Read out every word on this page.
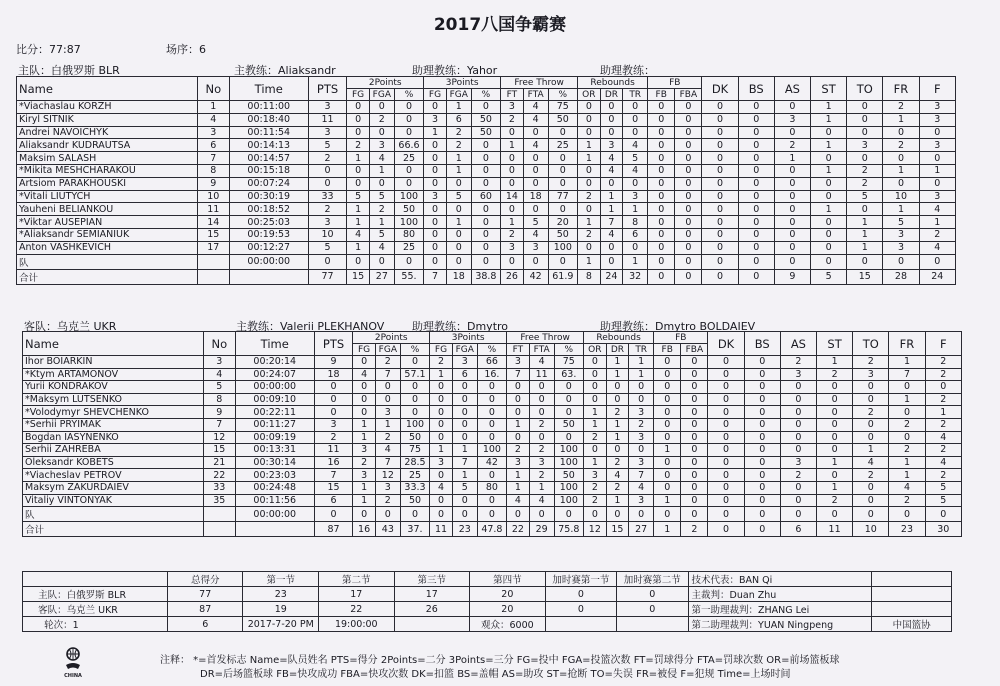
2017八国争霸赛
比分：77:87	场序：6
主队：白俄罗斯 BLR	主教练：Aliaksandr	助理教练：Yahor	助理教练：
Name	No	Time	PTS	2Points			3Points			Free Throw			Rebounds			FB		DK	BS	AS	ST	TO	FR	F
				FG	FGA	%	FG	FGA	%	FT	FTA	%	OR	DR	TR	FB	FBA							
*Viachaslau KORZH	1	00:11:00	3	0	0	0	0	1	0	3	4	75	0	0	0	0	0	0	0	0	1	0	2	3
Kiryl SITNIK	4	00:18:40	11	0	2	0	3	6	50	2	4	50	0	0	0	0	0	0	0	3	1	0	1	3
Andrei NAVOICHYK	3	00:11:54	3	0	0	0	1	2	50	0	0	0	0	0	0	0	0	0	0	0	0	0	0	0
Aliaksandr KUDRAUTSA	6	00:14:13	5	2	3	66.6	0	2	0	1	4	25	1	3	4	0	0	0	0	2	1	3	2	3
Maksim SALASH	7	00:14:57	2	1	4	25	0	1	0	0	0	0	1	4	5	0	0	0	0	1	0	0	0	0
*Mikita MESHCHARAKOU	8	00:15:18	0	0	1	0	0	1	0	0	0	0	0	4	4	0	0	0	0	0	1	2	1	1
Artsiom PARAKHOUSKI	9	00:07:24	0	0	0	0	0	0	0	0	0	0	0	0	0	0	0	0	0	0	0	2	0	0
*Vitali LIUTYCH	10	00:30:19	33	5	5	100	3	5	60	14	18	77	2	1	3	0	0	0	0	0	0	5	10	3
Yauheni BELIANKOU	11	00:18:52	2	1	2	50	0	0	0	0	0	0	0	1	1	0	0	0	0	0	1	0	1	4
*Viktar AUSEPIAN	14	00:25:03	3	1	1	100	0	1	0	1	5	20	1	7	8	0	0	0	0	0	0	1	5	1
*Aliaksandr SEMIANIUK	15	00:19:53	10	4	5	80	0	0	0	2	4	50	2	4	6	0	0	0	0	0	0	1	3	2
Anton VASHKEVICH	17	00:12:27	5	1	4	25	0	0	0	3	3	100	0	0	0	0	0	0	0	0	0	1	3	4
队		00:00:00	0	0	0	0	0	0	0	0	0	0	1	0	1	0	0	0	0	0	0	0	0	0
合计			77	15	27	55.	7	18	38.8	26	42	61.9	8	24	32	0	0	0	0	9	5	15	28	24
客队：乌克兰 UKR	主教练：Valerii PLEKHANOV	助理教练：Dmytro	助理教练：Dmytro BOLDAIEV
Name	No	Time	PTS	2Points			3Points			Free Throw			Rebounds			FB		DK	BS	AS	ST	TO	FR	F
				FG	FGA	%	FG	FGA	%	FT	FTA	%	OR	DR	TR	FB	FBA							
Ihor BOIARKIN	3	00:20:14	9	0	2	0	2	3	66	3	4	75	0	1	1	0	0	0	0	2	1	2	1	2
*Ktym ARTAMONOV	4	00:24:07	18	4	7	57.1	1	6	16.	7	11	63.	0	1	1	0	0	0	0	3	2	3	7	2
Yurii KONDRAKOV	5	00:00:00	0	0	0	0	0	0	0	0	0	0	0	0	0	0	0	0	0	0	0	0	0	0
*Maksym LUTSENKO	8	00:09:10	0	0	0	0	0	0	0	0	0	0	0	0	0	0	0	0	0	0	0	0	1	2
*Volodymyr SHEVCHENKO	9	00:22:11	0	0	3	0	0	0	0	0	0	0	1	2	3	0	0	0	0	0	0	2	0	1
*Serhii PRYIMAK	7	00:11:27	3	1	1	100	0	0	0	1	2	50	1	1	2	0	0	0	0	0	0	0	2	2
Bogdan IASYNENKO	12	00:09:19	2	1	2	50	0	0	0	0	0	0	2	1	3	0	0	0	0	0	0	0	0	4
Serhii ZAHREBA	15	00:13:31	11	3	4	75	1	1	100	2	2	100	0	0	0	1	0	0	0	0	0	1	2	2
Oleksandr KOBETS	21	00:30:14	16	2	7	28.5	3	7	42	3	3	100	1	2	3	0	0	0	0	3	1	4	1	4
*Viacheslav PETROV	22	00:23:03	7	3	12	25	0	1	0	1	2	50	3	4	7	0	0	0	0	2	0	2	1	2
Maksym ZAKURDAIEV	33	00:24:48	15	1	3	33.3	4	5	80	1	1	100	2	2	4	0	0	0	0	0	1	0	4	5
Vitaliy VINTONYAK	35	00:11:56	6	1	2	50	0	0	0	4	4	100	2	1	3	1	0	0	0	0	2	0	2	5
队		00:00:00	0	0	0	0	0	0	0	0	0	0	0	0	0	0	0	0	0	0	0	0	0	0
合计			87	16	43	37.	11	23	47.8	22	29	75.8	12	15	27	1	2	0	0	6	11	10	23	30
	总得分	第一节	第二节	第三节	第四节	加时赛第一节	加时赛第二节	技术代表：BAN Qi	
主队：白俄罗斯 BLR	77	23	17	17	20	0	0	主裁判：Duan Zhu	
客队：乌克兰 UKR	87	19	22	26	20	0	0	第一助理裁判：ZHANG Lei	
轮次：1	6	2017-7-20 PM	19:00:00		观众：6000			第二助理裁判：YUAN Ningpeng	中国篮协
CHINA
注释： *=首发标志 Name=队员姓名 PTS=得分 2Points=二分 3Points=三分 FG=投中 FGA=投篮次数 FT=罚球得分 FTA=罚球次数 OR=前场篮板球
DR=后场篮板球 FB=快攻成功 FBA=快攻次数 DK=扣篮 BS=盖帽 AS=助攻 ST=抢断 TO=失误 FR=被侵 F=犯规 Time=上场时间
